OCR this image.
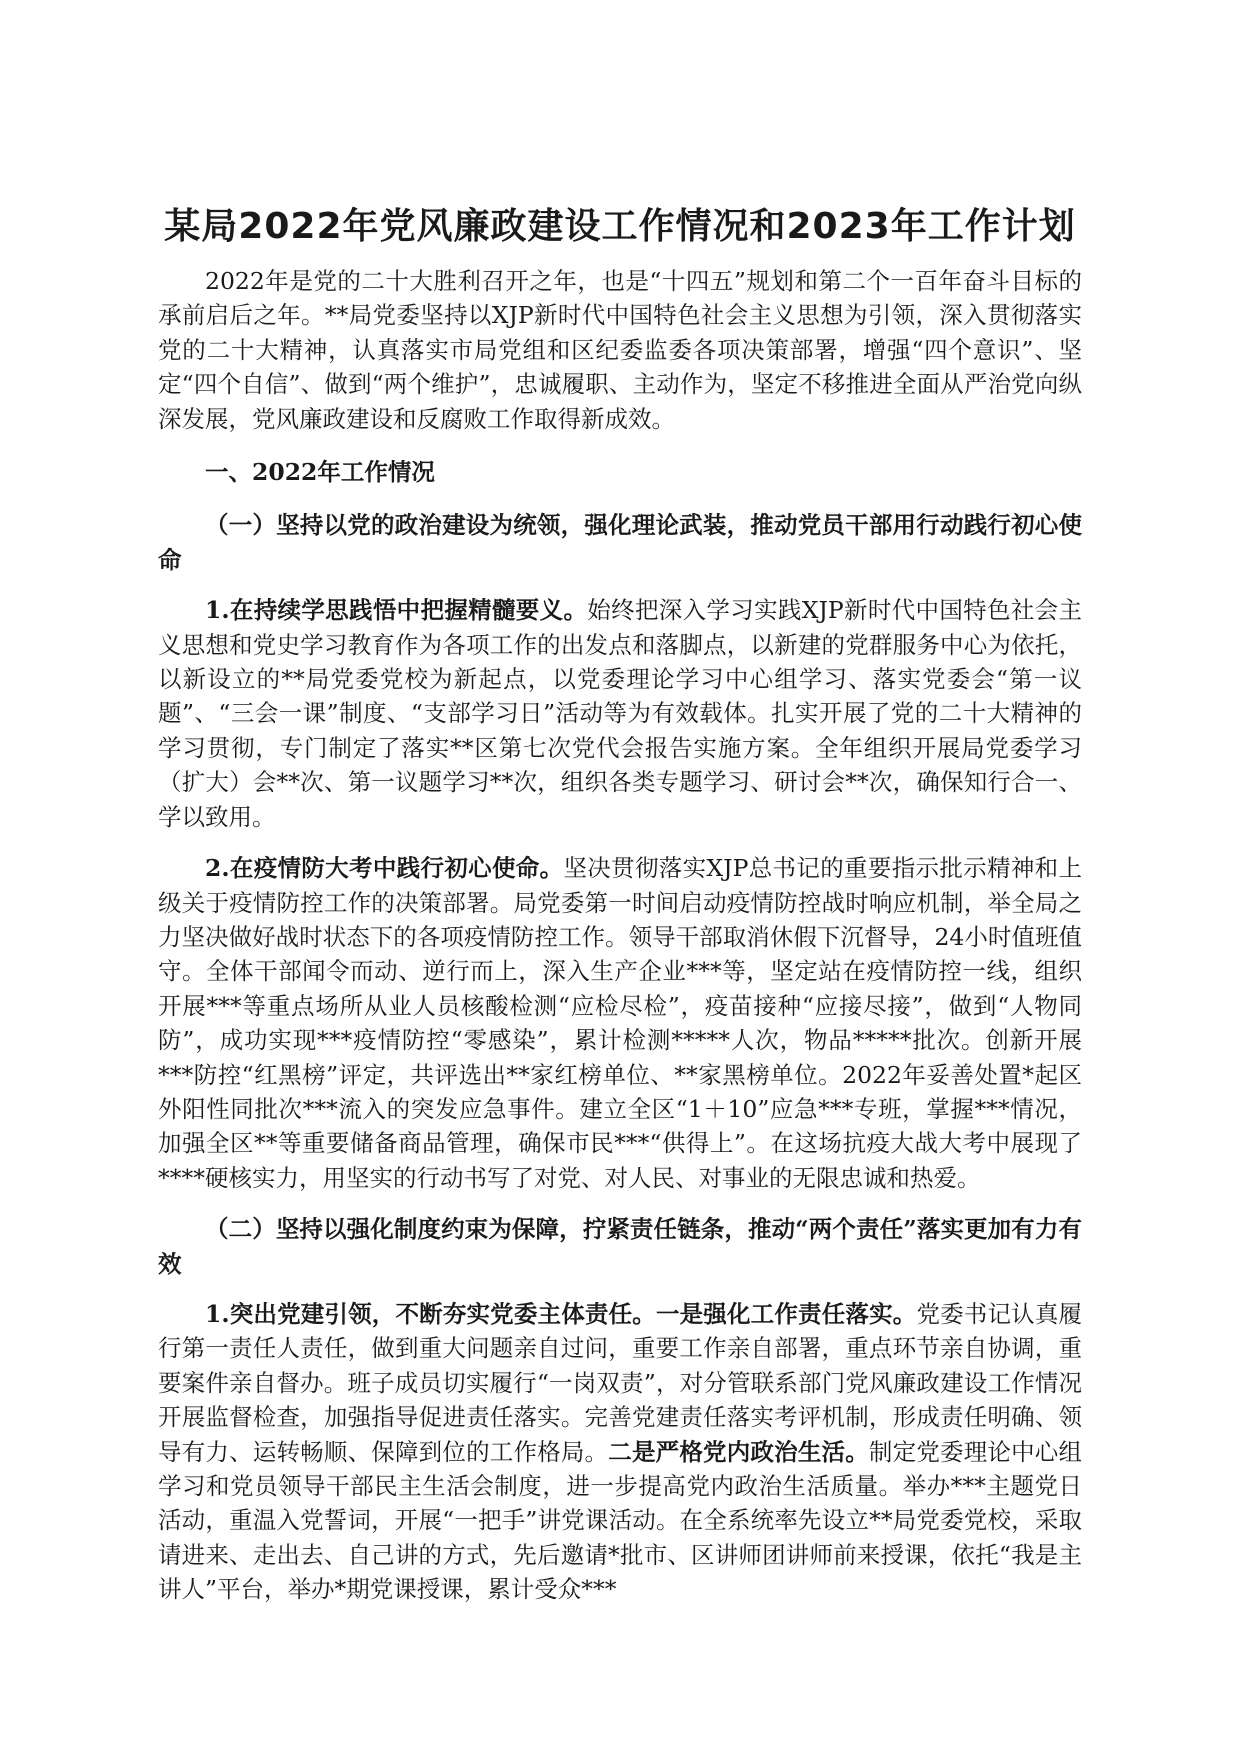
某局2022年党风廉政建设工作情况和2023年工作计划

2022年是党的二十大胜利召开之年，也是“十四五”规划和第二个一百年奋斗目标的承前启后之年。**局党委坚持以XJP新时代中国特色社会主义思想为引领，深入贯彻落实党的二十大精神，认真落实市局党组和区纪委监委各项决策部署，增强“四个意识”、坚定“四个自信”、做到“两个维护”，忠诚履职、主动作为，坚定不移推进全面从严治党向纵深发展，党风廉政建设和反腐败工作取得新成效。

一、2022年工作情况

（一）坚持以党的政治建设为统领，强化理论武装，推动党员干部用行动践行初心使命

1.在持续学思践悟中把握精髓要义。始终把深入学习实践XJP新时代中国特色社会主义思想和党史学习教育作为各项工作的出发点和落脚点，以新建的党群服务中心为依托，以新设立的**局党委党校为新起点，以党委理论学习中心组学习、落实党委会“第一议题”、“三会一课”制度、“支部学习日”活动等为有效载体。扎实开展了党的二十大精神的学习贯彻，专门制定了落实**区第七次党代会报告实施方案。全年组织开展局党委学习（扩大）会**次、第一议题学习**次，组织各类专题学习、研讨会**次，确保知行合一、学以致用。

2.在疫情防大考中践行初心使命。坚决贯彻落实XJP总书记的重要指示批示精神和上级关于疫情防控工作的决策部署。局党委第一时间启动疫情防控战时响应机制，举全局之力坚决做好战时状态下的各项疫情防控工作。领导干部取消休假下沉督导，24小时值班值守。全体干部闻令而动、逆行而上，深入生产企业***等，坚定站在疫情防控一线，组织开展***等重点场所从业人员核酸检测“应检尽检”，疫苗接种“应接尽接”，做到“人物同防”，成功实现***疫情防控“零感染”，累计检测*****人次，物品*****批次。创新开展***防控“红黑榜”评定，共评选出**家红榜单位、**家黑榜单位。2022年妥善处置*起区外阳性同批次***流入的突发应急事件。建立全区“1＋10”应急***专班，掌握***情况，加强全区**等重要储备商品管理，确保市民***“供得上”。在这场抗疫大战大考中展现了****硬核实力，用坚实的行动书写了对党、对人民、对事业的无限忠诚和热爱。

（二）坚持以强化制度约束为保障，拧紧责任链条，推动“两个责任”落实更加有力有效

1.突出党建引领，不断夯实党委主体责任。一是强化工作责任落实。党委书记认真履行第一责任人责任，做到重大问题亲自过问，重要工作亲自部署，重点环节亲自协调，重要案件亲自督办。班子成员切实履行“一岗双责”，对分管联系部门党风廉政建设工作情况开展监督检查，加强指导促进责任落实。完善党建责任落实考评机制，形成责任明确、领导有力、运转畅顺、保障到位的工作格局。二是严格党内政治生活。制定党委理论中心组学习和党员领导干部民主生活会制度，进一步提高党内政治生活质量。举办***主题党日活动，重温入党誓词，开展“一把手”讲党课活动。在全系统率先设立**局党委党校，采取请进来、走出去、自己讲的方式，先后邀请*批市、区讲师团讲师前来授课，依托“我是主讲人”平台，举办*期党课授课，累计受众***
